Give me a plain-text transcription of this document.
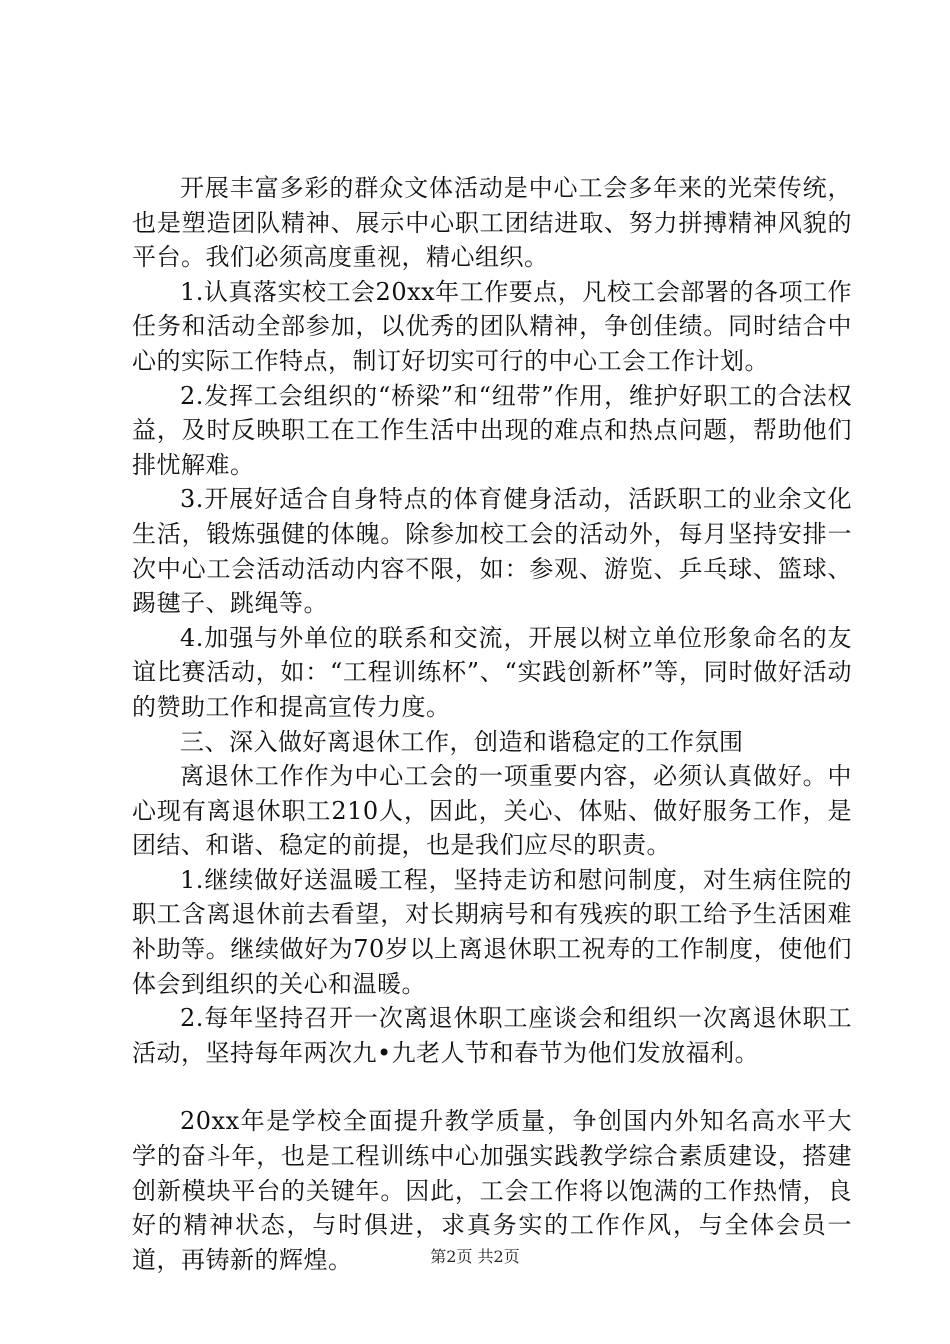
开展丰富多彩的群众文体活动是中心工会多年来的光荣传统，也是塑造团队精神、展示中心职工团结进取、努力拼搏精神风貌的平台。我们必须高度重视，精心组织。

1.认真落实校工会20xx年工作要点，凡校工会部署的各项工作任务和活动全部参加，以优秀的团队精神，争创佳绩。同时结合中心的实际工作特点，制订好切实可行的中心工会工作计划。

2.发挥工会组织的“桥梁”和“纽带”作用，维护好职工的合法权益，及时反映职工在工作生活中出现的难点和热点问题，帮助他们排忧解难。

3.开展好适合自身特点的体育健身活动，活跃职工的业余文化生活，锻炼强健的体魄。除参加校工会的活动外，每月坚持安排一次中心工会活动活动内容不限，如：参观、游览、乒乓球、篮球、踢毽子、跳绳等。

4.加强与外单位的联系和交流，开展以树立单位形象命名的友谊比赛活动，如：“工程训练杯”、“实践创新杯”等，同时做好活动的赞助工作和提高宣传力度。

三、深入做好离退休工作，创造和谐稳定的工作氛围

离退休工作作为中心工会的一项重要内容，必须认真做好。中心现有离退休职工210人，因此，关心、体贴、做好服务工作，是团结、和谐、稳定的前提，也是我们应尽的职责。

1.继续做好送温暖工程，坚持走访和慰问制度，对生病住院的职工含离退休前去看望，对长期病号和有残疾的职工给予生活困难补助等。继续做好为70岁以上离退休职工祝寿的工作制度，使他们体会到组织的关心和温暖。

2.每年坚持召开一次离退休职工座谈会和组织一次离退休职工活动，坚持每年两次九•九老人节和春节为他们发放福利。

20xx年是学校全面提升教学质量，争创国内外知名高水平大学的奋斗年，也是工程训练中心加强实践教学综合素质建设，搭建创新模块平台的关键年。因此，工会工作将以饱满的工作热情，良好的精神状态，与时俱进，求真务实的工作作风，与全体会员一道，再铸新的辉煌。	第2页 共2页
